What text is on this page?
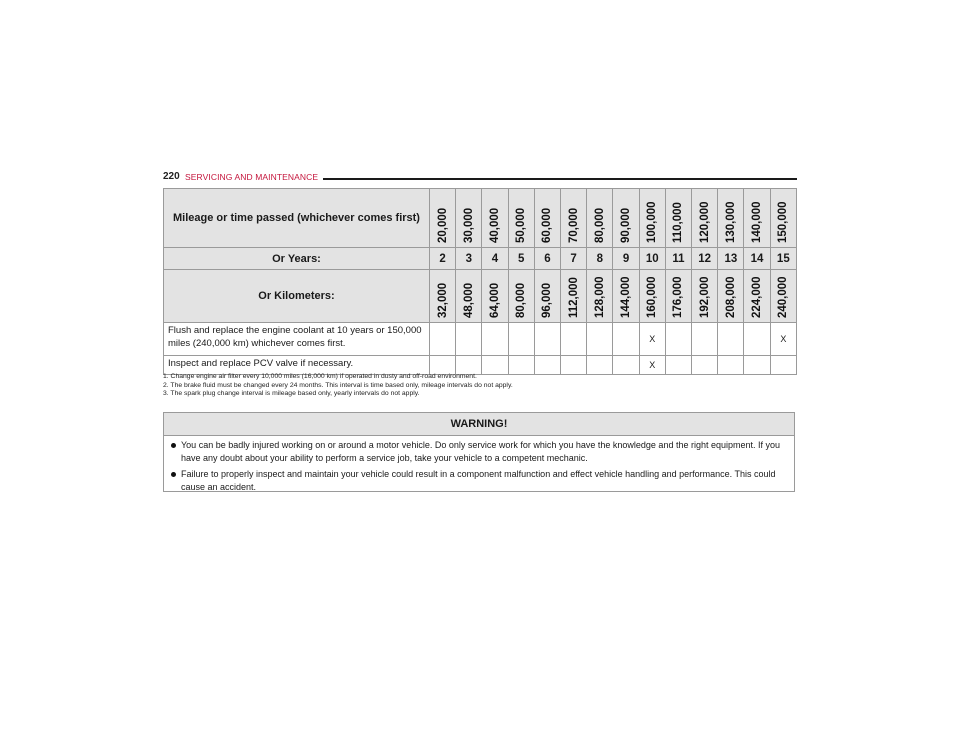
220 SERVICING AND MAINTENANCE
Mileage or time passed (whichever comes first)	20,000	30,000	40,000	50,000	60,000	70,000	80,000	90,000	100,000	110,000	120,000	130,000	140,000	150,000

Or Years:	2	3	4	5	6	7	8	9	10	11	12	13	14	15
Or Kilometers:	32,000	48,000	64,000	80,000	96,000	112,000	128,000	144,000	160,000	176,000	192,000	208,000	224,000	240,000

Flush and replace the engine coolant at 10 years or 150,000 miles (240,000 km) whichever comes first.									X					X
Inspect and replace PCV valve if necessary.									X					
1. Change engine air filter every 10,000 miles (16,000 km) if operated in dusty and off-road environment.
2. The brake fluid must be changed every 24 months. This interval is time based only, mileage intervals do not apply.
3. The spark plug change interval is mileage based only, yearly intervals do not apply.
WARNING!
You can be badly injured working on or around a motor vehicle. Do only service work for which you have the knowledge and the right equipment. If you have any doubt about your ability to perform a service job, take your vehicle to a competent mechanic.
Failure to properly inspect and maintain your vehicle could result in a component malfunction and effect vehicle handling and performance. This could cause an accident.
